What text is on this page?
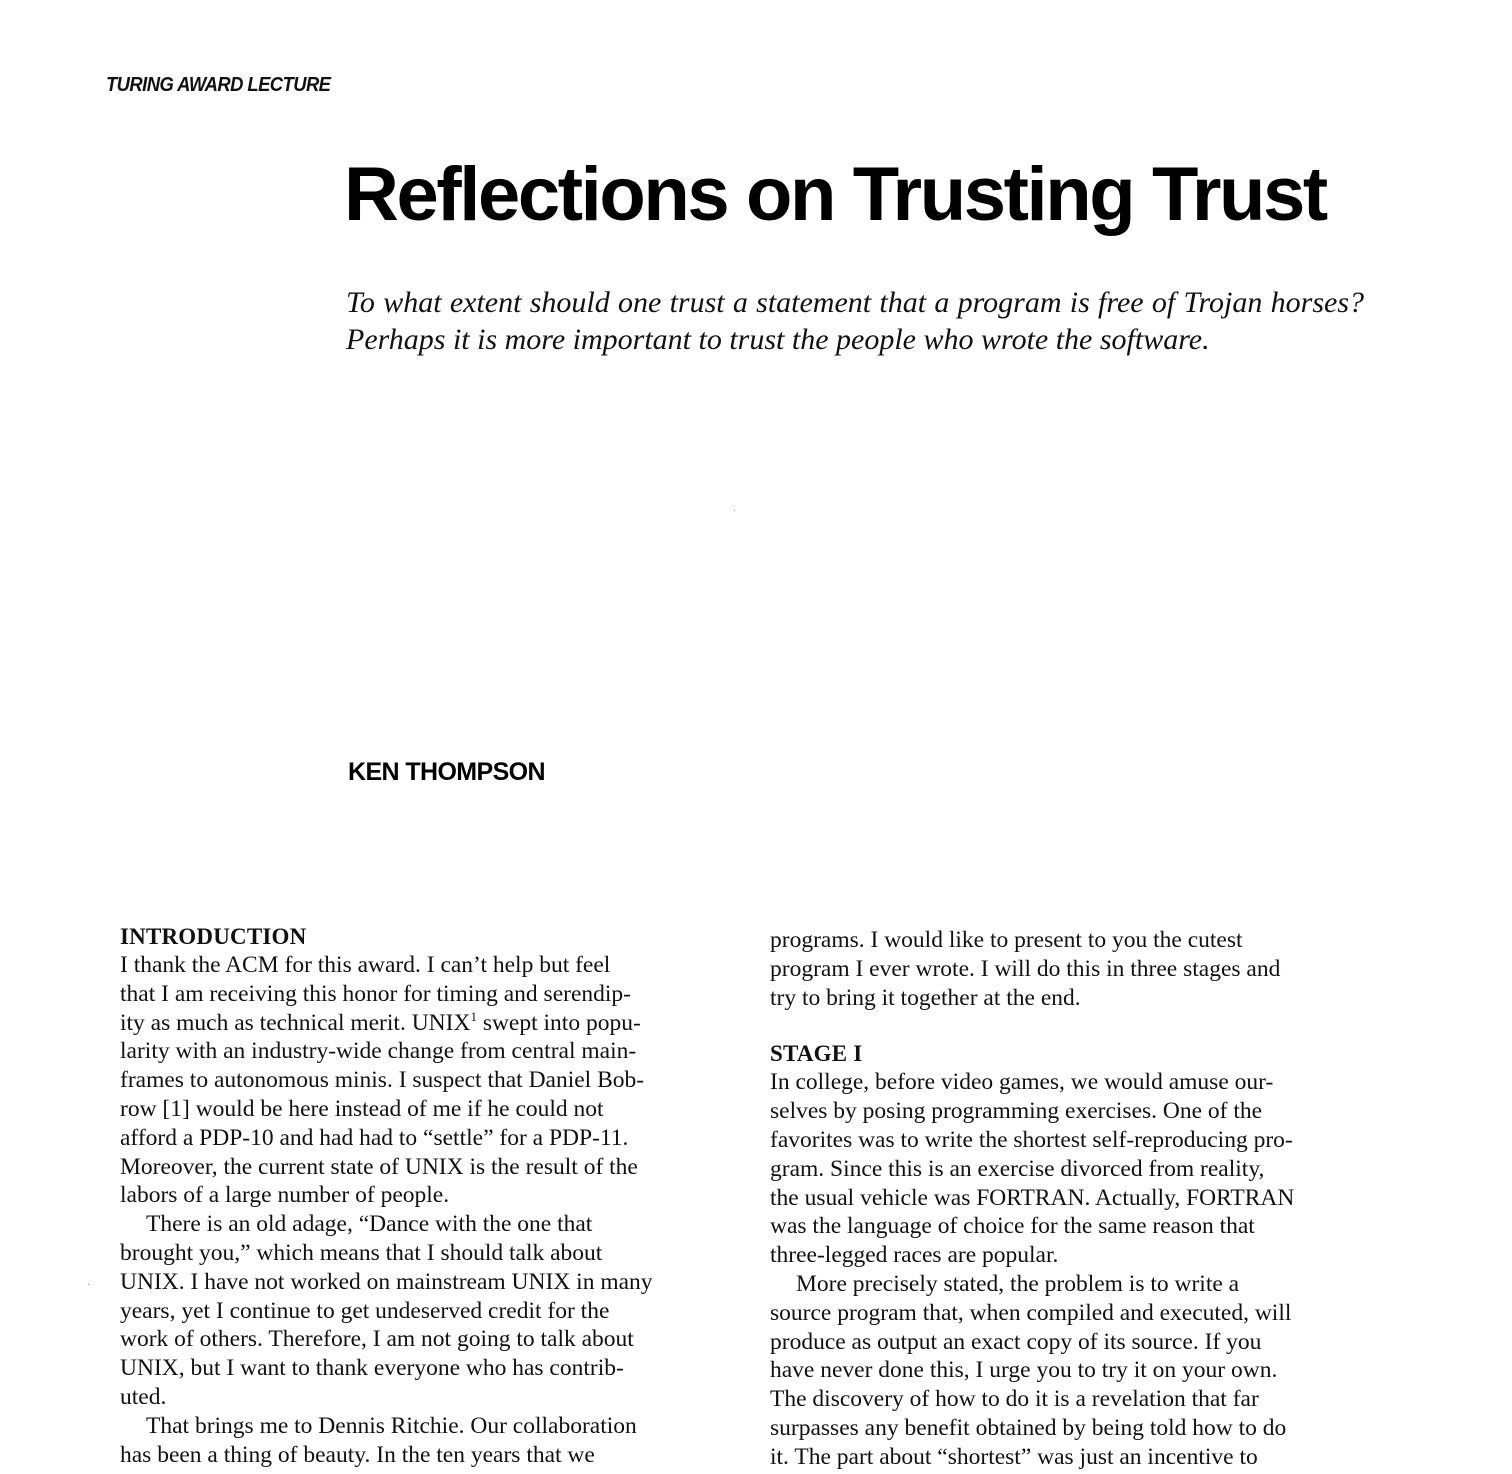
TURING AWARD LECTURE
Reflections on Trusting Trust

To what extent should one trust a statement that a program is free of Trojan horses? Perhaps it is more important to trust the people who wrote the software.

KEN THOMPSON
INTRODUCTION
I thank the ACM for this award. I can’t help but feel
that I am receiving this honor for timing and serendip-
ity as much as technical merit. UNIX$^1$ swept into popu-
larity with an industry-wide change from central main-
frames to autonomous minis. I suspect that Daniel Bob-
row [1] would be here instead of me if he could not
afford a PDP-10 and had had to “settle” for a PDP-11.
Moreover, the current state of UNIX is the result of the
labors of a large number of people.
There is an old adage, “Dance with the one that
brought you,” which means that I should talk about
UNIX. I have not worked on mainstream UNIX in many
years, yet I continue to get undeserved credit for the
work of others. Therefore, I am not going to talk about
UNIX, but I want to thank everyone who has contrib-
uted.
That brings me to Dennis Ritchie. Our collaboration
has been a thing of beauty. In the ten years that we
programs. I would like to present to you the cutest
program I ever wrote. I will do this in three stages and
try to bring it together at the end.
STAGE I
In college, before video games, we would amuse our-
selves by posing programming exercises. One of the
favorites was to write the shortest self-reproducing pro-
gram. Since this is an exercise divorced from reality,
the usual vehicle was FORTRAN. Actually, FORTRAN
was the language of choice for the same reason that
three-legged races are popular.
More precisely stated, the problem is to write a
source program that, when compiled and executed, will
produce as output an exact copy of its source. If you
have never done this, I urge you to try it on your own.
The discovery of how to do it is a revelation that far
surpasses any benefit obtained by being told how to do
it. The part about “shortest” was just an incentive to
